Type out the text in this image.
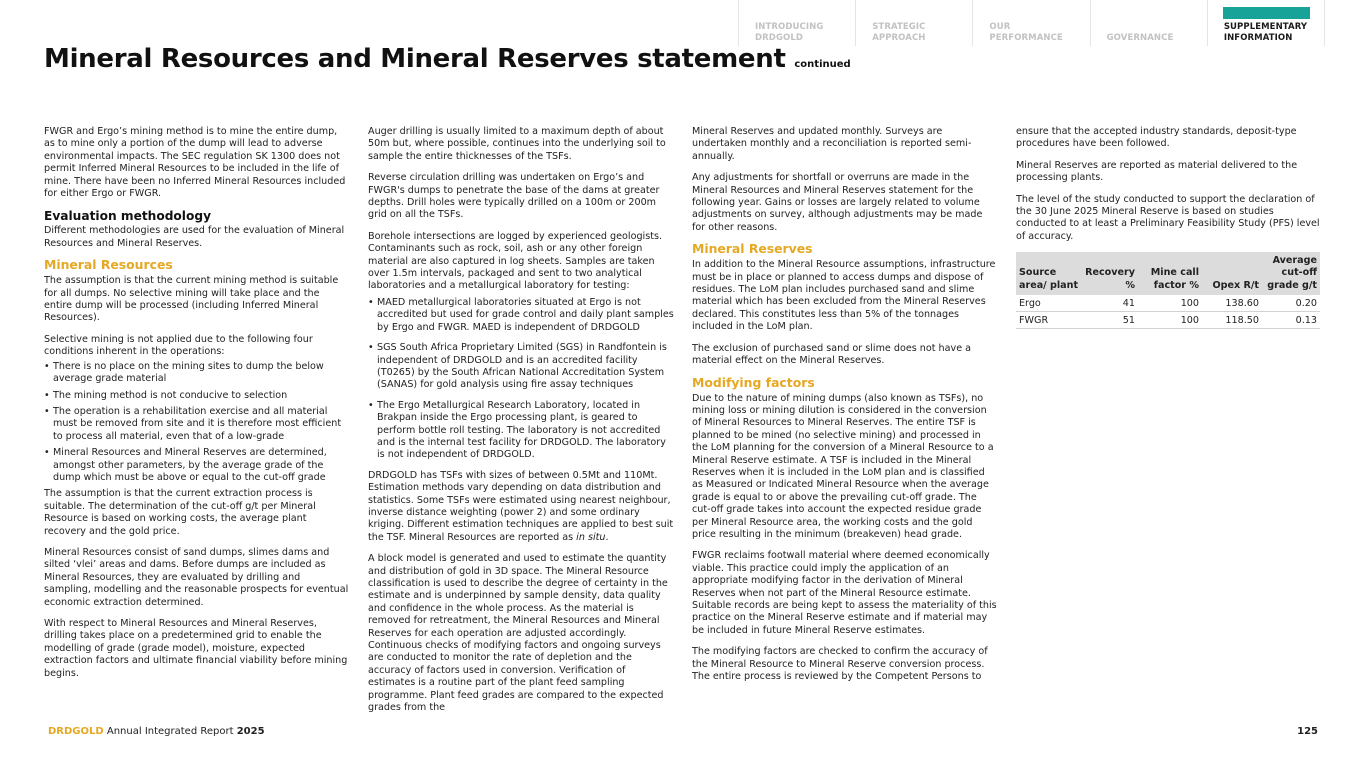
INTRODUCING
DRDGOLD
STRATEGIC
APPROACH
OUR
PERFORMANCE	GOVERNANCE
SUPPLEMENTARY
INFORMATION
Mineral Resources and Mineral Reserves statement continued

FWGR and Ergo’s mining method is to mine the entire dump, as to mine only a portion of the dump will lead to adverse environmental impacts. The SEC regulation SK 1300 does not permit Inferred Mineral Resources to be included in the life of mine. There have been no Inferred Mineral Resources included for either Ergo or FWGR.

Evaluation methodology

Different methodologies are used for the evaluation of Mineral Resources and Mineral Reserves.

Mineral Resources

The assumption is that the current mining method is suitable for all dumps. No selective mining will take place and the entire dump will be processed (including Inferred Mineral Resources).

Selective mining is not applied due to the following four conditions inherent in the operations:

• There is no place on the mining sites to dump the below average grade material
• The mining method is not conducive to selection
• The operation is a rehabilitation exercise and all material must be removed from site and it is therefore most efficient to process all material, even that of a low-grade
• Mineral Resources and Mineral Reserves are determined, amongst other parameters, by the average grade of the dump which must be above or equal to the cut-off grade

The assumption is that the current extraction process is suitable. The determination of the cut-off g/t per Mineral Resource is based on working costs, the average plant recovery and the gold price.

Mineral Resources consist of sand dumps, slimes dams and silted ‘vlei’ areas and dams. Before dumps are included as Mineral Resources, they are evaluated by drilling and sampling, modelling and the reasonable prospects for eventual economic extraction determined.

With respect to Mineral Resources and Mineral Reserves, drilling takes place on a predetermined grid to enable the modelling of grade (grade model), moisture, expected extraction factors and ultimate financial viability before mining begins.

Auger drilling is usually limited to a maximum depth of about 50m but, where possible, continues into the underlying soil to sample the entire thicknesses of the TSFs.

Reverse circulation drilling was undertaken on Ergo’s and FWGR's dumps to penetrate the base of the dams at greater depths. Drill holes were typically drilled on a 100m or 200m grid on all the TSFs.

Borehole intersections are logged by experienced geologists. Contaminants such as rock, soil, ash or any other foreign material are also captured in log sheets. Samples are taken over 1.5m intervals, packaged and sent to two analytical laboratories and a metallurgical laboratory for testing:

• MAED metallurgical laboratories situated at Ergo is not accredited but used for grade control and daily plant samples by Ergo and FWGR. MAED is independent of DRDGOLD
• SGS South Africa Proprietary Limited (SGS) in Randfontein is independent of DRDGOLD and is an accredited facility (T0265) by the South African National Accreditation System (SANAS) for gold analysis using fire assay techniques
• The Ergo Metallurgical Research Laboratory, located in Brakpan inside the Ergo processing plant, is geared to perform bottle roll testing. The laboratory is not accredited and is the internal test facility for DRDGOLD. The laboratory is not independent of DRDGOLD.

DRDGOLD has TSFs with sizes of between 0.5Mt and 110Mt. Estimation methods vary depending on data distribution and statistics. Some TSFs were estimated using nearest neighbour, inverse distance weighting (power 2) and some ordinary kriging. Different estimation techniques are applied to best suit the TSF. Mineral Resources are reported as in situ.

A block model is generated and used to estimate the quantity and distribution of gold in 3D space. The Mineral Resource classification is used to describe the degree of certainty in the estimate and is underpinned by sample density, data quality and confidence in the whole process. As the material is removed for retreatment, the Mineral Resources and Mineral Reserves for each operation are adjusted accordingly. Continuous checks of modifying factors and ongoing surveys are conducted to monitor the rate of depletion and the accuracy of factors used in conversion. Verification of estimates is a routine part of the plant feed sampling programme. Plant feed grades are compared to the expected grades from the

Mineral Reserves and updated monthly. Surveys are undertaken monthly and a reconciliation is reported semi-annually.

Any adjustments for shortfall or overruns are made in the Mineral Resources and Mineral Reserves statement for the following year. Gains or losses are largely related to volume adjustments on survey, although adjustments may be made for other reasons.

Mineral Reserves

In addition to the Mineral Resource assumptions, infrastructure must be in place or planned to access dumps and dispose of residues. The LoM plan includes purchased sand and slime material which has been excluded from the Mineral Reserves declared. This constitutes less than 5% of the tonnages included in the LoM plan.

The exclusion of purchased sand or slime does not have a material effect on the Mineral Reserves.

Modifying factors

Due to the nature of mining dumps (also known as TSFs), no mining loss or mining dilution is considered in the conversion of Mineral Resources to Mineral Reserves. The entire TSF is planned to be mined (no selective mining) and processed in the LoM planning for the conversion of a Mineral Resource to a Mineral Reserve estimate. A TSF is included in the Mineral Reserves when it is included in the LoM plan and is classified as Measured or Indicated Mineral Resource when the average grade is equal to or above the prevailing cut-off grade. The cut-off grade takes into account the expected residue grade per Mineral Resource area, the working costs and the gold price resulting in the minimum (breakeven) head grade.

FWGR reclaims footwall material where deemed economically viable. This practice could imply the application of an appropriate modifying factor in the derivation of Mineral Reserves when not part of the Mineral Resource estimate. Suitable records are being kept to assess the materiality of this practice on the Mineral Reserve estimate and if material may be included in future Mineral Reserve estimates.

The modifying factors are checked to confirm the accuracy of the Mineral Resource to Mineral Reserve conversion process. The entire process is reviewed by the Competent Persons to

ensure that the accepted industry standards, deposit-type procedures have been followed.

Mineral Reserves are reported as material delivered to the processing plants.

The level of the study conducted to support the declaration of the 30 June 2025 Mineral Reserve is based on studies conducted to at least a Preliminary Feasibility Study (PFS) level of accuracy.

Source area/ plant	Recovery %	Mine call factor %	Opex R/t	Average cut-off grade g/t
Ergo	41	100	138.60	0.20
FWGR	51	100	118.50	0.13
DRDGOLD Annual Integrated Report 2025	125
